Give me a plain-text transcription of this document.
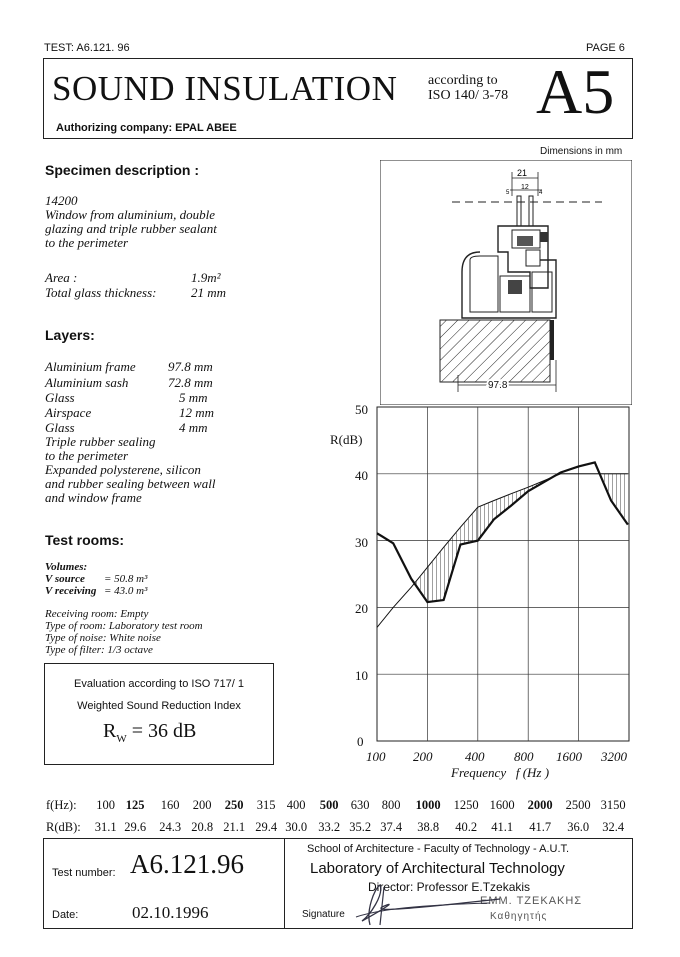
TEST: A6.121. 96	PAGE 6
SOUND INSULATION according to
ISO 140/ 3-78 A5
Authorizing company: EPAL ABEE
Dimensions in mm
Specimen description :
14200
Window from aluminium, double
glazing and triple rubber sealant
to the perimeter
Area :	1.9m²
Total glass thickness:	21 mm
Layers:
Aluminium frame 97.8 mm
Aluminium sash	72.8 mm
Glass	5 mm
Airspace	12 mm
Glass	4 mm
Triple rubber sealing
to the perimeter
Expanded polysterene, silicon
and rubber sealing between wall
and window frame
Test rooms:
Volumes:
V source = 50.8 m³
V receiving = 43.0 m³
Receiving room: Empty
Type of room: Laboratory test room
Type of noise: White noise
Type of filter: 1/3 octave
Evaluation according to ISO 717/ 1
Weighted Sound Reduction Index
$R_W = 36$ dB
21
5
12
4
97.8
R(dB)
50
40
30
20
10
0
100 200	400 800 1600 3200
Frequency   f (Hz )
f(Hz): 100 125 160 200 250 315 400 500 630 800 1000 1250 1600 2000 2500 3150
R(dB): 31.1 29.6 24.3 20.8 21.1 29.4 30.0 33.2 35.2 37.4 38.8 40.2 41.1 41.7 36.0 32.4
Test number: A6.121.96
Date:	02.10.1996
School of Architecture - Faculty of Technology - A.U.T.
Laboratory of Architectural Technology
Director: Professor E.Tzekakis
Signature
ΕΜΜ. ΤΖΕΚΑΚΗΣ
Καθηγητής
